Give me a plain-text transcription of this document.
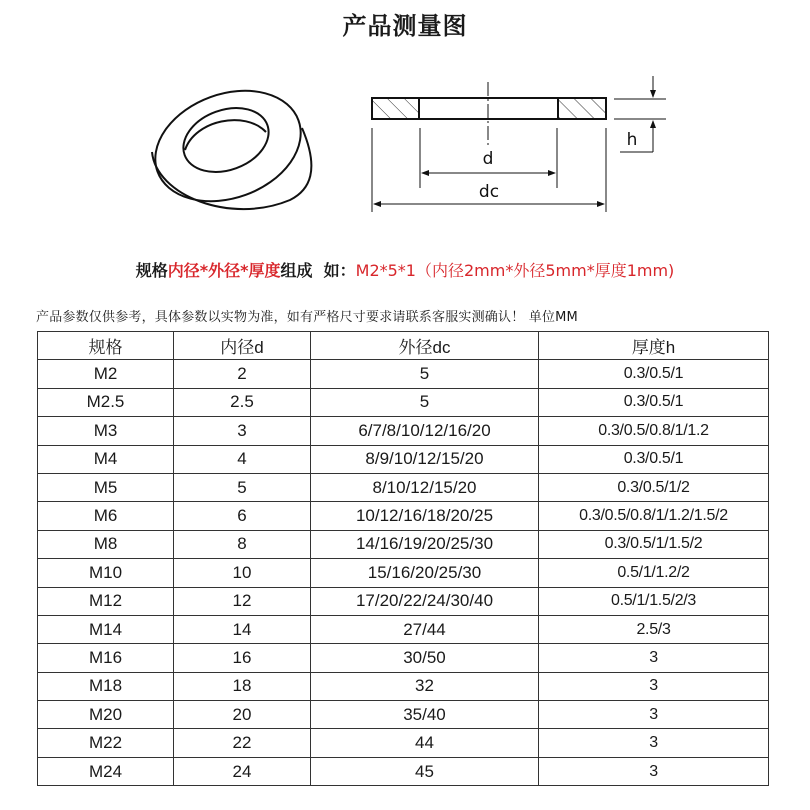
产品测量图
d
dc
h
规格内径*外径*厚度组成 如：M2*5*1（内径2mm*外径5mm*厚度1mm)
产品参数仅供参考，具体参数以实物为准，如有严格尺寸要求请联系客服实测确认！ 单位MM
规格	内径d	外径dc	厚度h
M2	2	5	0.3/0.5/1
M2.5	2.5	5	0.3/0.5/1
M3	3	6/7/8/10/12/16/20	0.3/0.5/0.8/1/1.2
M4	4	8/9/10/12/15/20	0.3/0.5/1
M5	5	8/10/12/15/20	0.3/0.5/1/2
M6	6	10/12/16/18/20/25	0.3/0.5/0.8/1/1.2/1.5/2
M8	8	14/16/19/20/25/30	0.3/0.5/1/1.5/2
M10	10	15/16/20/25/30	0.5/1/1.2/2
M12	12	17/20/22/24/30/40	0.5/1/1.5/2/3
M14	14	27/44	2.5/3
M16	16	30/50	3
M18	18	32	3
M20	20	35/40	3
M22	22	44	3
M24	24	45	3
